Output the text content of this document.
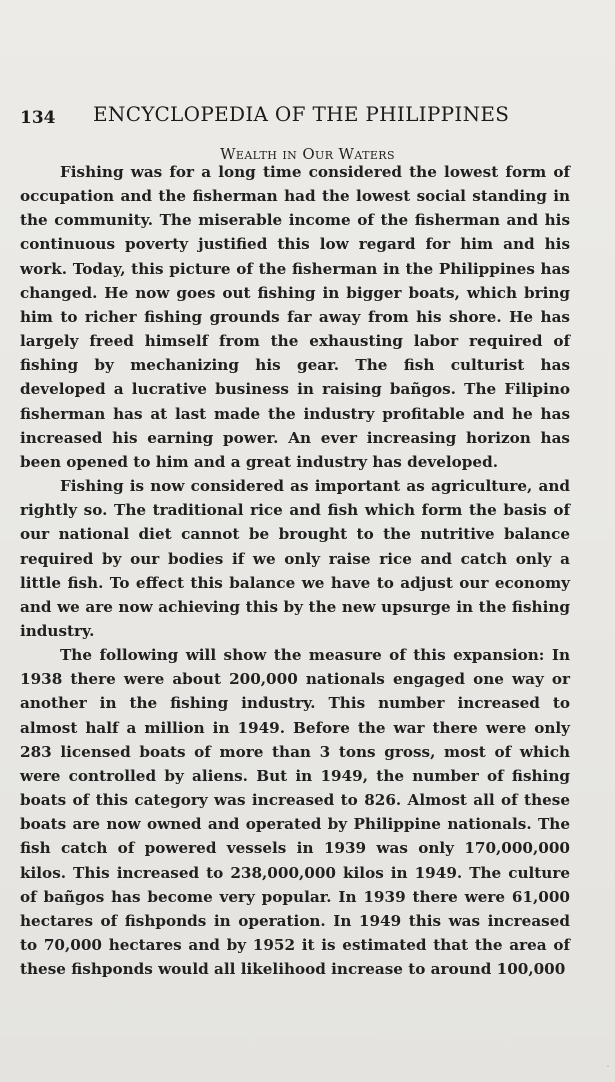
134 ENCYCLOPEDIA OF THE PHILIPPINES
Wealth in Our Waters

Fishing was for a long time considered the lowest form of occupation and the fisherman had the lowest social standing in the community. The miserable income of the fisherman and his continuous poverty justified this low regard for him and his work. Today, this picture of the fisherman in the Philippines has changed. He now goes out fishing in bigger boats, which bring him to richer fishing grounds far away from his shore. He has largely freed himself from the exhausting labor required of fishing by mechanizing his gear. The fish culturist has developed a lucrative business in raising bañgos. The Filipino fisherman has at last made the industry profitable and he has increased his earning power. An ever increasing horizon has been opened to him and a great industry has developed.

Fishing is now considered as important as agriculture, and rightly so. The traditional rice and fish which form the basis of our national diet cannot be brought to the nutritive balance required by our bodies if we only raise rice and catch only a little fish. To effect this balance we have to adjust our economy and we are now achieving this by the new upsurge in the fishing industry.

The following will show the measure of this expansion: In 1938 there were about 200,000 nationals engaged one way or another in the fishing industry. This number increased to almost half a million in 1949. Before the war there were only 283 licensed boats of more than 3 tons gross, most of which were controlled by aliens. But in 1949, the number of fishing boats of this category was increased to 826. Almost all of these boats are now owned and operated by Philippine nationals. The fish catch of powered vessels in 1939 was only 170,000,000 kilos. This increased to 238,000,000 kilos in 1949. The culture of bañgos has become very popular. In 1939 there were 61,000 hectares of fishponds in operation. In 1949 this was increased to 70,000 hectares and by 1952 it is estimated that the area of these fishponds would all likelihood increase to around 100,000
